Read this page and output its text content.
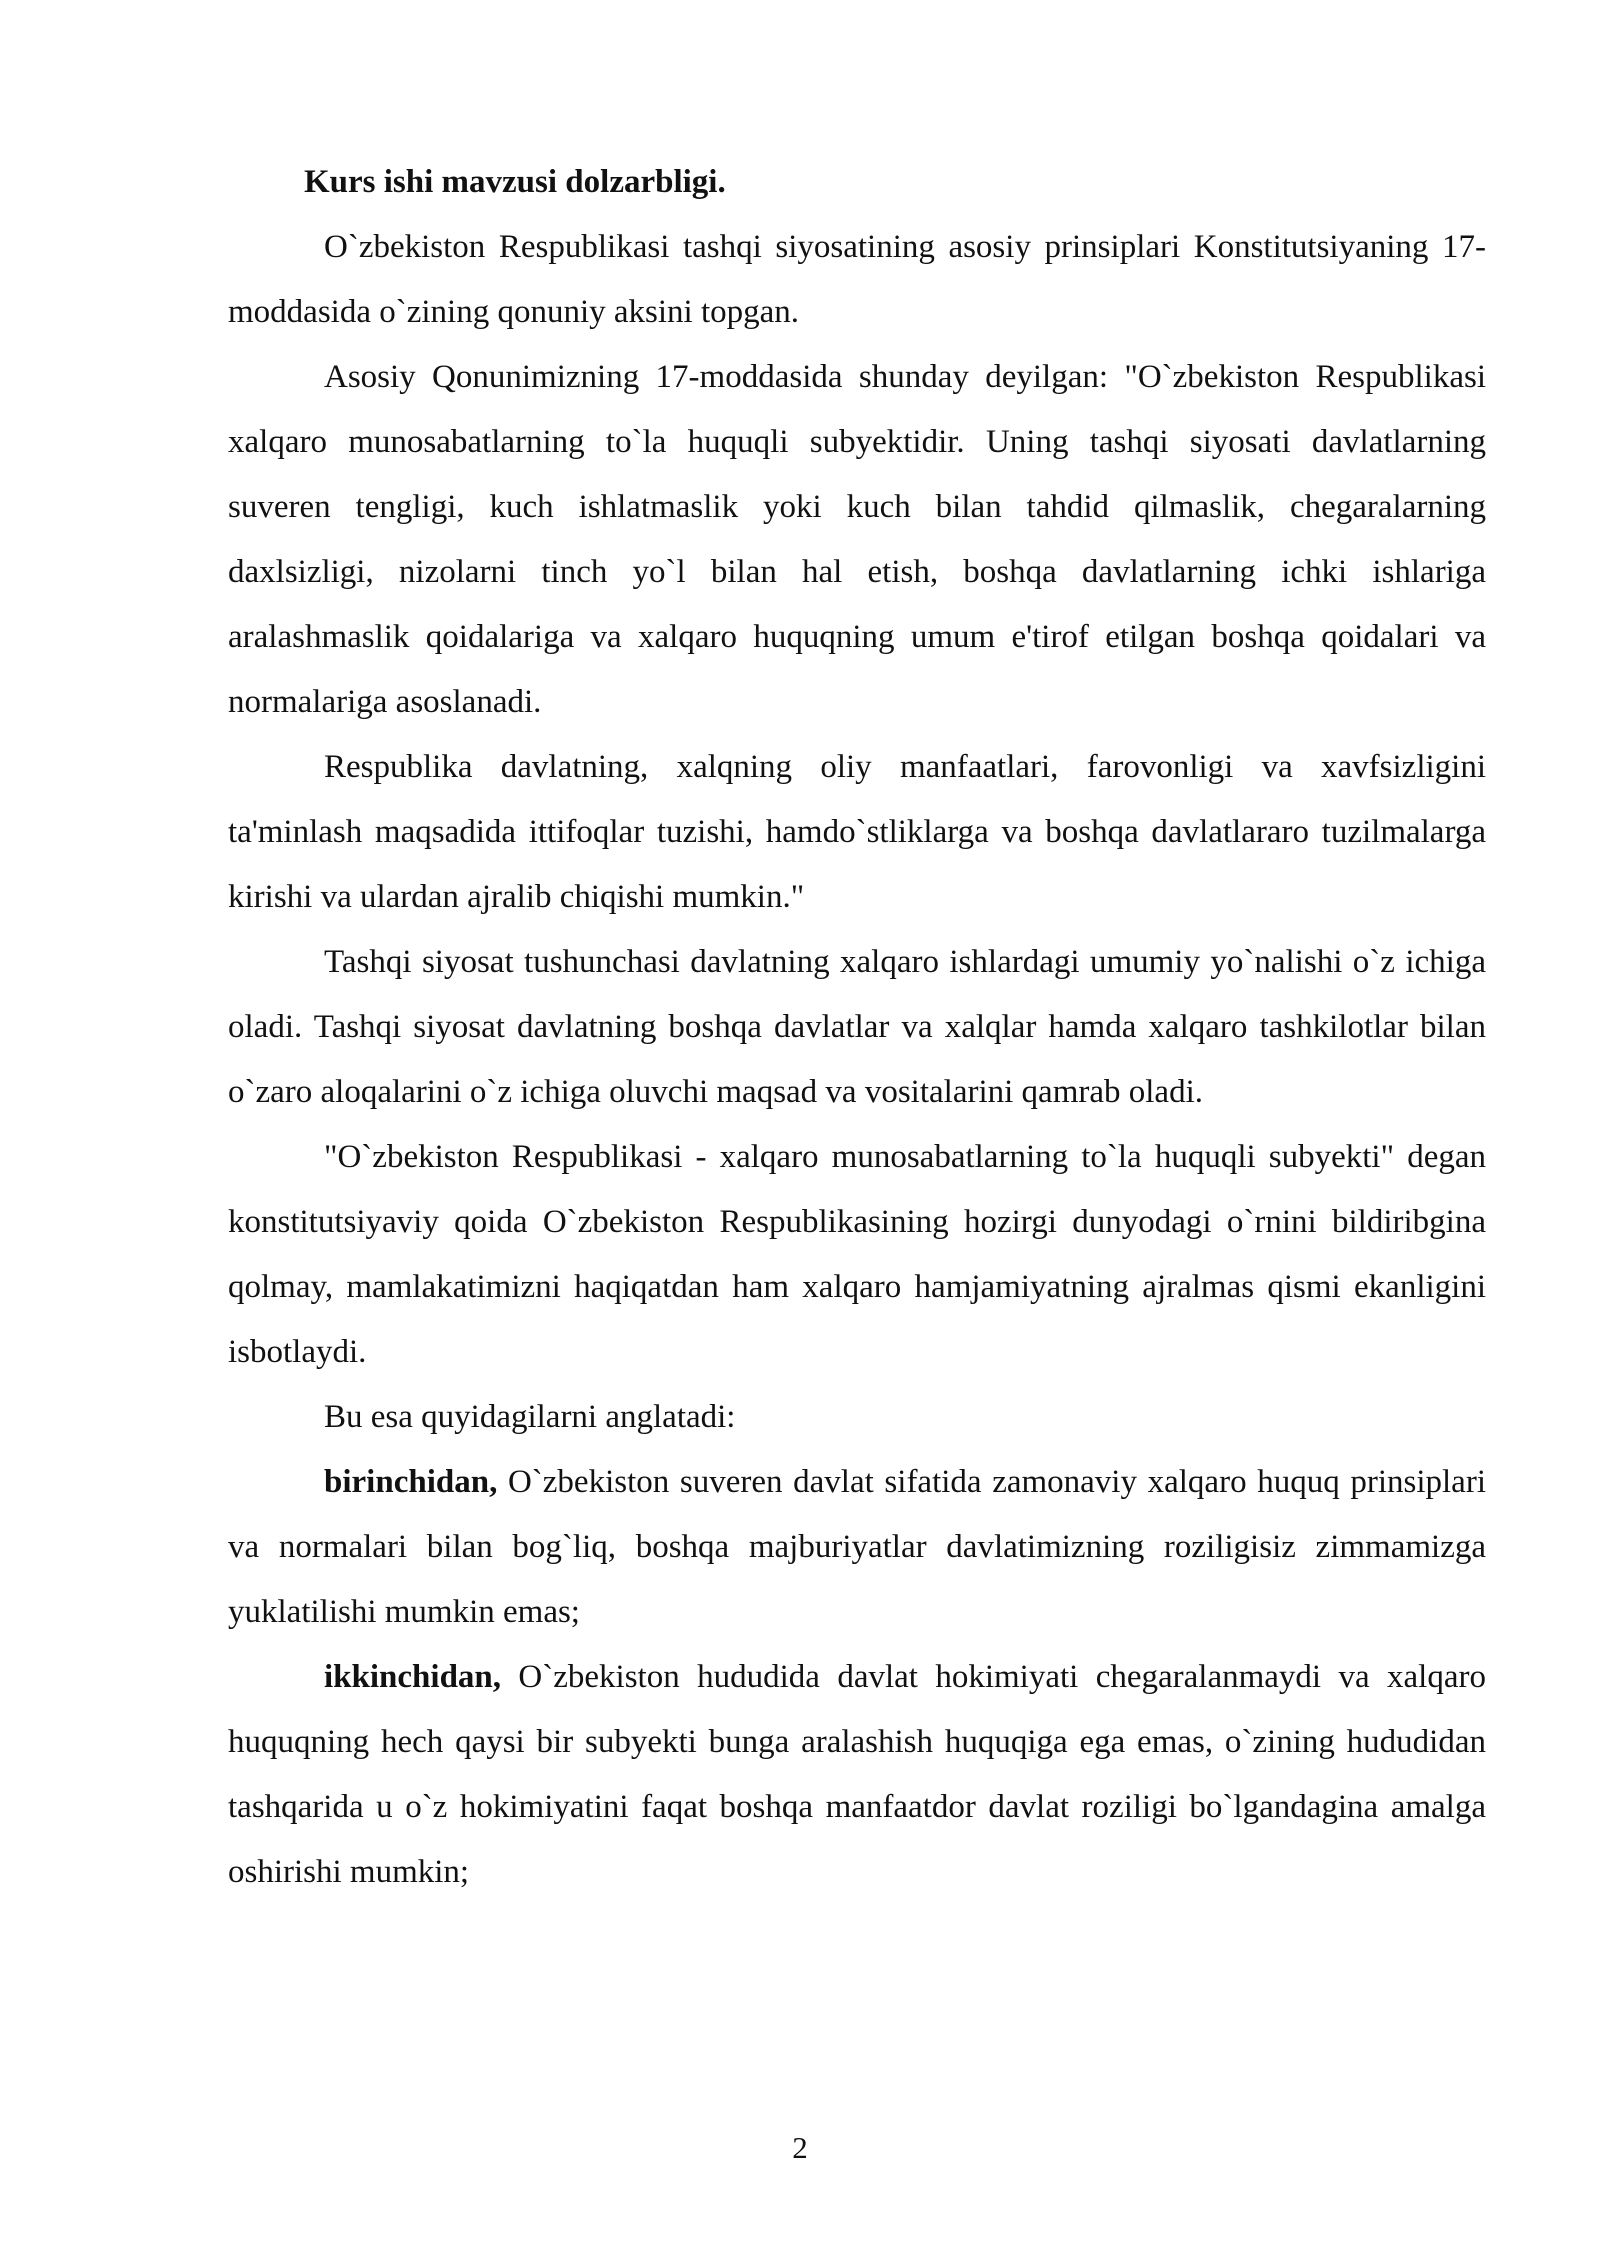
Kurs ishi mavzusi dolzarbligi.

O`zbekiston Respublikasi tashqi siyosatining asosiy prinsiplari Konstitutsiyaning 17-moddasida o`zining qonuniy aksini topgan.

Asosiy Qonunimizning 17-moddasida shunday deyilgan: "O`zbekiston Respublikasi xalqaro munosabatlarning to`la huquqli subyektidir. Uning tashqi siyosati davlatlarning suveren tengligi, kuch ishlatmaslik yoki kuch bilan tahdid qilmaslik, chegaralarning daxlsizligi, nizolarni tinch yo`l bilan hal etish, boshqa davlatlarning ichki ishlariga aralashmaslik qoidalariga va xalqaro huquqning umum e'tirof etilgan boshqa qoidalari va normalariga asoslanadi.

Respublika davlatning, xalqning oliy manfaatlari, farovonligi va xavfsizligini ta'minlash maqsadida ittifoqlar tuzishi, hamdo`stliklarga va boshqa davlatlararo tuzilmalarga kirishi va ulardan ajralib chiqishi mumkin."

Tashqi siyosat tushunchasi davlatning xalqaro ishlardagi umumiy yo`nalishi o`z ichiga oladi. Tashqi siyosat davlatning boshqa davlatlar va xalqlar hamda xalqaro tashkilotlar bilan o`zaro aloqalarini o`z ichiga oluvchi maqsad va vositalarini qamrab oladi.

"O`zbekiston Respublikasi - xalqaro munosabatlarning to`la huquqli subyekti" degan konstitutsiyaviy qoida O`zbekiston Respublikasining hozirgi dunyodagi o`rnini bildiribgina qolmay, mamlakatimizni haqiqatdan ham xalqaro hamjamiyatning ajralmas qismi ekanligini isbotlaydi.

Bu esa quyidagilarni anglatadi:

birinchidan, O`zbekiston suveren davlat sifatida zamonaviy xalqaro huquq prinsiplari va normalari bilan bog`liq, boshqa majburiyatlar davlatimizning roziligisiz zimmamizga yuklatilishi mumkin emas;

ikkinchidan, O`zbekiston hududida davlat hokimiyati chegaralanmaydi va xalqaro huquqning hech qaysi bir subyekti bunga aralashish huquqiga ega emas, o`zining hududidan tashqarida u o`z hokimiyatini faqat boshqa manfaatdor davlat roziligi bo`lgandagina amalga oshirishi mumkin;

2
